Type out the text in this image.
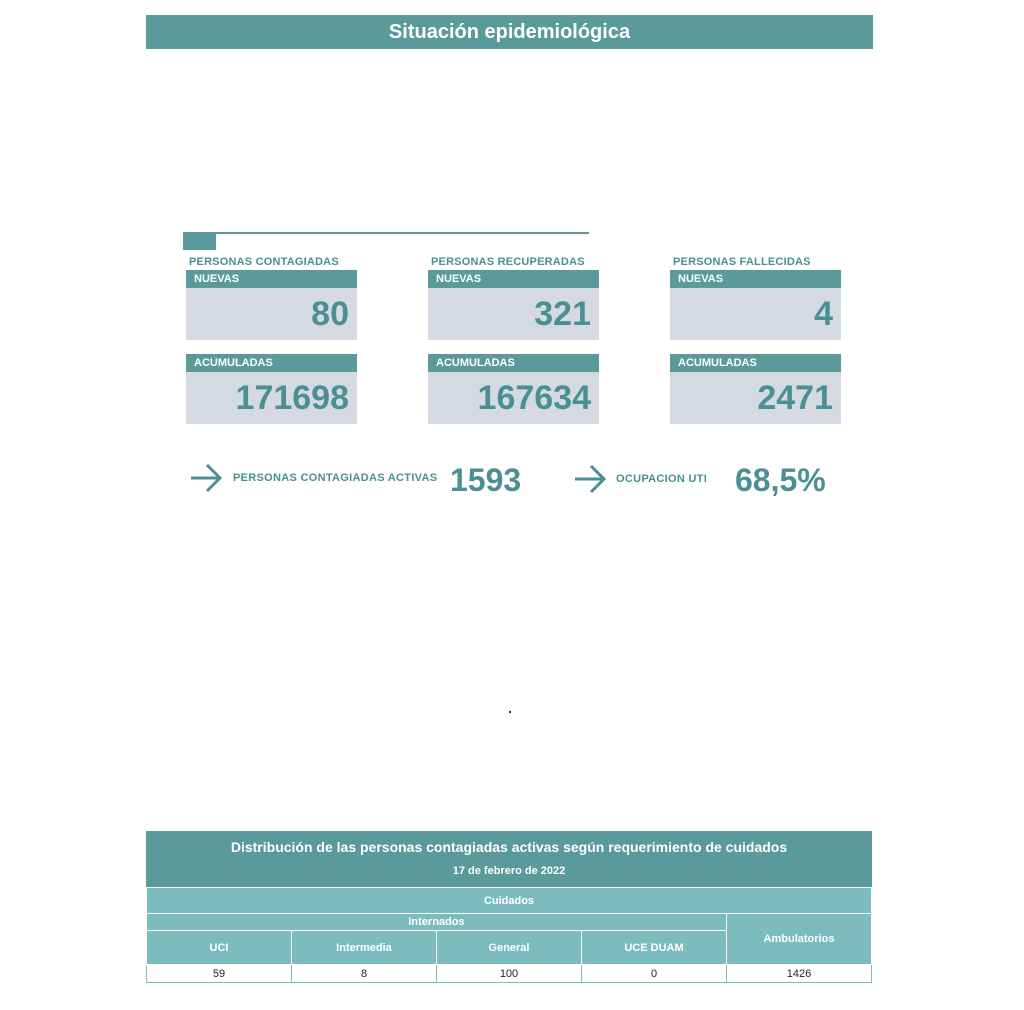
Situación epidemiológica
PERSONAS CONTAGIADAS
NUEVAS
80
ACUMULADAS
171698
PERSONAS RECUPERADAS
NUEVAS
321
ACUMULADAS
167634
PERSONAS FALLECIDAS
NUEVAS
4
ACUMULADAS
2471
PERSONAS CONTAGIADAS ACTIVAS 1593	OCUPACION UTI 68,5%
Distribución de las personas contagiadas activas según requerimiento de cuidados
17 de febrero de 2022
Cuidados				
Internados				Ambulatorios
UCI	Intermedia	General	UCE DUAM	
59	8	100	0	1426
